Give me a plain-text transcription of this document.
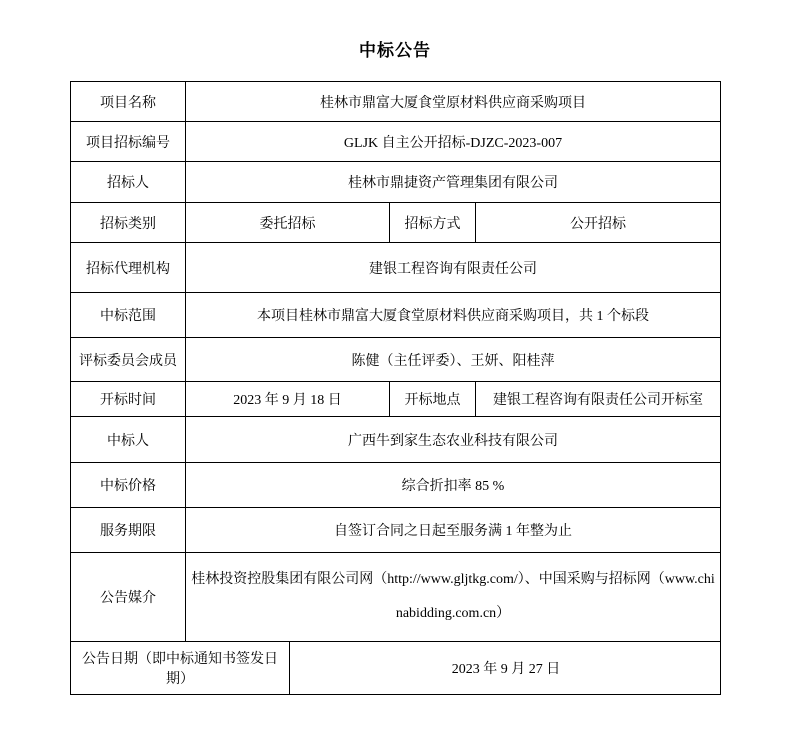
中标公告
项目名称	桂林市鼎富大厦食堂原材料供应商采购项目			
项目招标编号	GLJK 自主公开招标-DJZC-2023-007			
招标人	桂林市鼎捷资产管理集团有限公司			
招标类别	委托招标		招标方式	公开招标
招标代理机构	建银工程咨询有限责任公司			
中标范围	本项目桂林市鼎富大厦食堂原材料供应商采购项目，共 1 个标段			
评标委员会成员	陈健（主任评委）、王妍、阳桂萍			
开标时间	2023 年 9 月 18 日		开标地点	建银工程咨询有限责任公司开标室
中标人	广西牛到家生态农业科技有限公司			
中标价格	综合折扣率 85 %			
服务期限	自签订合同之日起至服务满 1 年整为止			
公告媒介	桂林投资控股集团有限公司网（http://www.gljtkg.com/）、中国采购与招标网（www.chinabidding.com.cn）			
公告日期（即中标通知书签发日期）		2023 年 9 月 27 日		
